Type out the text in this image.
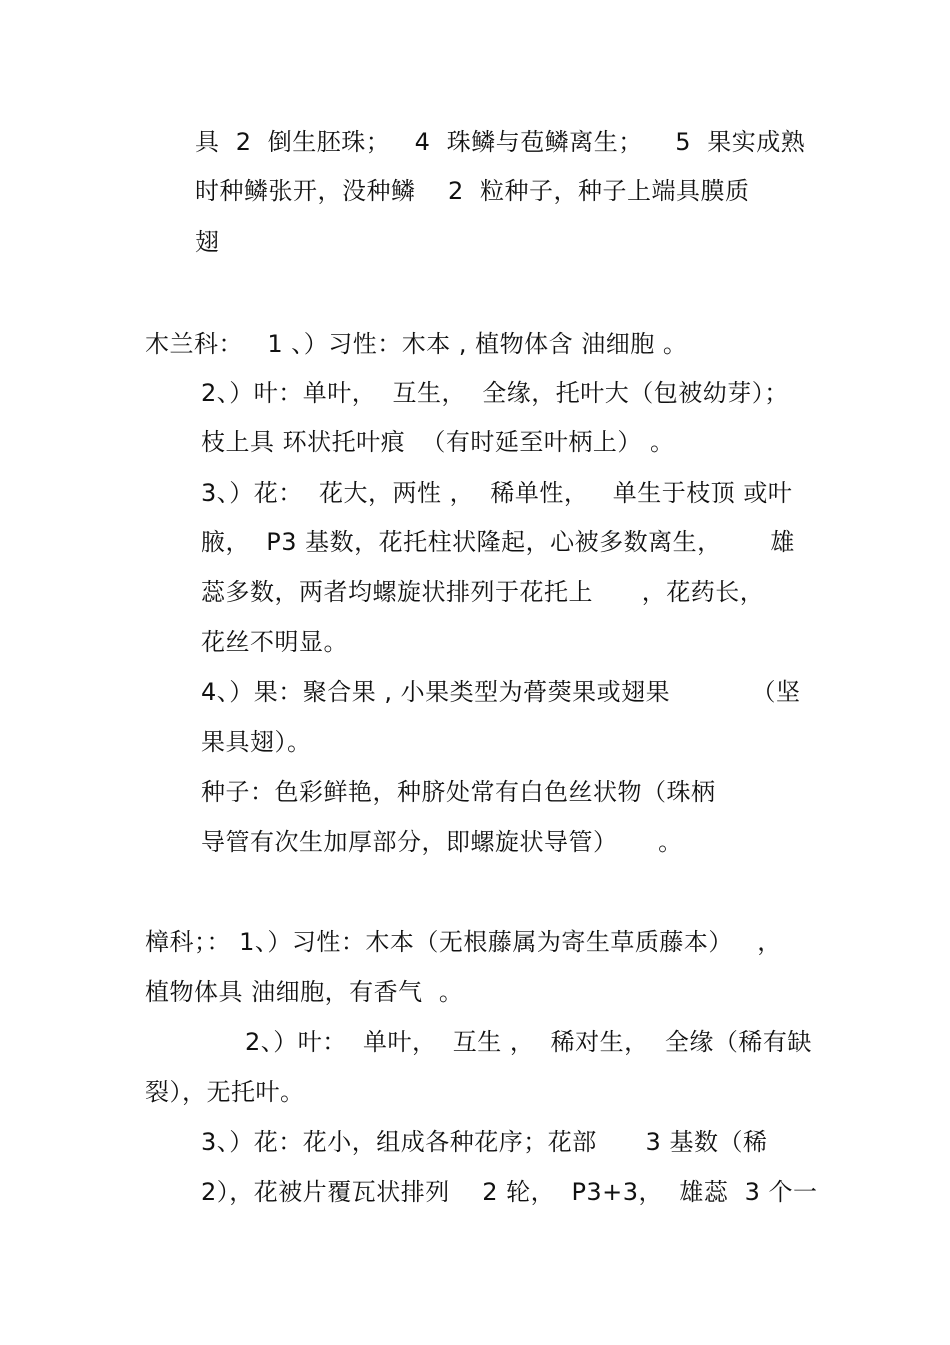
具  2  倒生胚珠；   4  珠鳞与苞鳞离生；    5  果实成熟
时种鳞张开，没种鳞    2  粒种子，种子上端具膜质
翅
木兰科：   1 、）习性：木本 , 植物体含 油细胞 。
2、）叶：单叶，  互生，  全缘，托叶大（包被幼芽）；
枝上具 环状托叶痕  （有时延至叶柄上） 。
3、）花：  花大，两性 ，  稀单性，   单生于枝顶 或叶
腋，  P3 基数，花托柱状隆起，心被多数离生，      雄
蕊多数，两者均螺旋状排列于花托上      ，花药长，
花丝不明显。
4、）果：聚合果 , 小果类型为蓇葖果或翅果          （坚
果具翅）。
种子：色彩鲜艳，种脐处常有白色丝状物（珠柄
导管有次生加厚部分，即螺旋状导管）     。
樟科；： 1、）习性：木本（无根藤属为寄生草质藤本）   ，
植物体具 油细胞，有香气  。
2、）叶：  单叶，  互生 ，  稀对生，  全缘（稀有缺
裂），无托叶。
3、）花：花小，组成各种花序；花部      3 基数（稀
2），花被片覆瓦状排列    2 轮，  P3+3，  雄蕊  3 个一
